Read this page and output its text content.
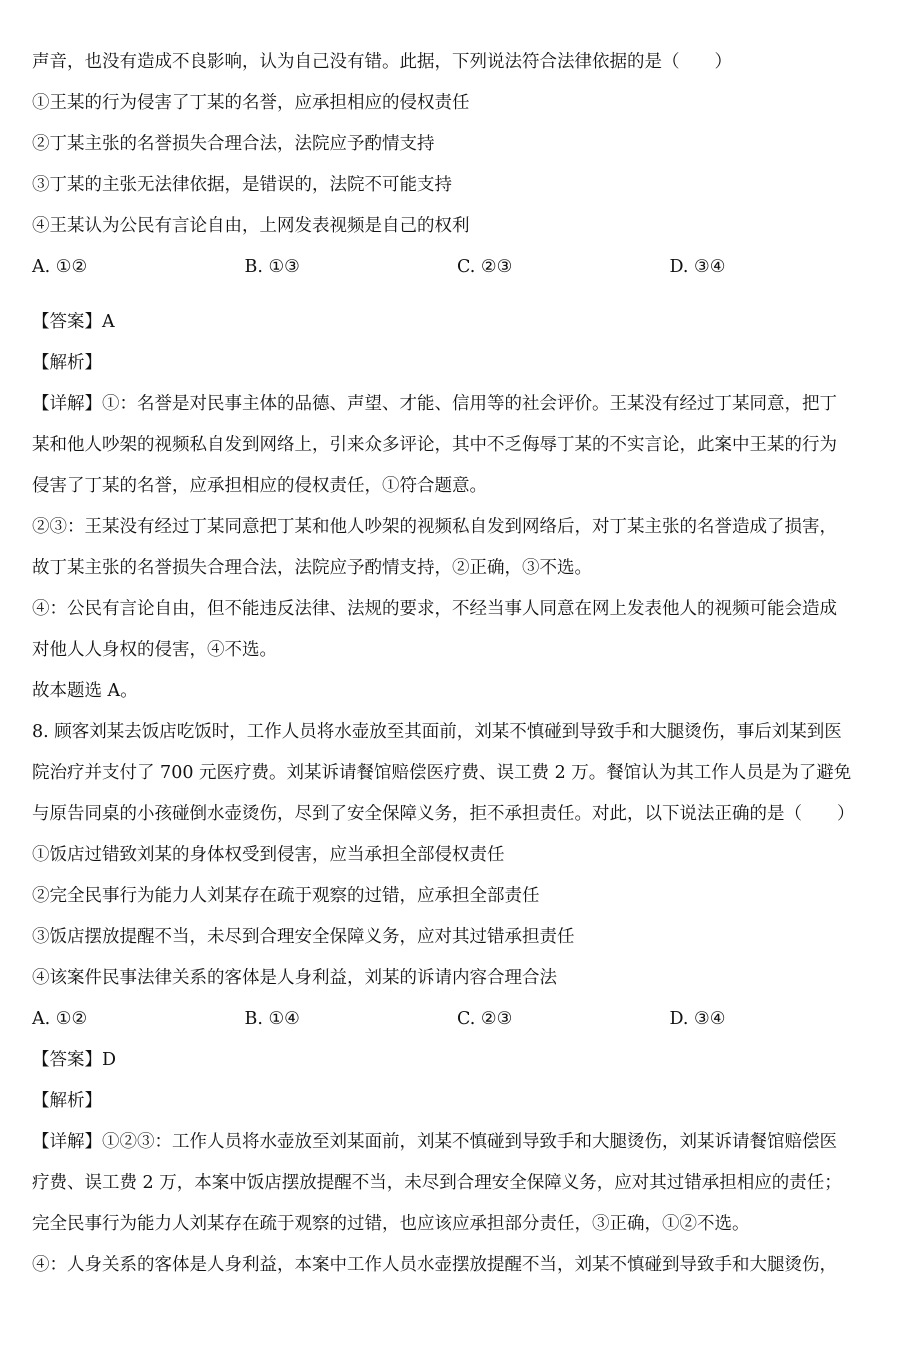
声音，也没有造成不良影响，认为自己没有错。此据，下列说法符合法律依据的是（　　）
①王某的行为侵害了丁某的名誉，应承担相应的侵权责任
②丁某主张的名誉损失合理合法，法院应予酌情支持
③丁某的主张无法律依据，是错误的，法院不可能支持
④王某认为公民有言论自由，上网发表视频是自己的权利
A. ①②	B. ①③	C. ②③	D. ③④
【答案】A
【解析】
【详解】①：名誉是对民事主体的品德、声望、才能、信用等的社会评价。王某没有经过丁某同意，把丁
某和他人吵架的视频私自发到网络上，引来众多评论，其中不乏侮辱丁某的不实言论，此案中王某的行为
侵害了丁某的名誉，应承担相应的侵权责任，①符合题意。
②③：王某没有经过丁某同意把丁某和他人吵架的视频私自发到网络后，对丁某主张的名誉造成了损害，
故丁某主张的名誉损失合理合法，法院应予酌情支持，②正确，③不选。
④：公民有言论自由，但不能违反法律、法规的要求，不经当事人同意在网上发表他人的视频可能会造成
对他人人身权的侵害，④不选。
故本题选 A。
8. 顾客刘某去饭店吃饭时，工作人员将水壶放至其面前，刘某不慎碰到导致手和大腿烫伤，事后刘某到医
院治疗并支付了 700 元医疗费。刘某诉请餐馆赔偿医疗费、误工费 2 万。餐馆认为其工作人员是为了避免
与原告同桌的小孩碰倒水壶烫伤，尽到了安全保障义务，拒不承担责任。对此，以下说法正确的是（　　）
①饭店过错致刘某的身体权受到侵害，应当承担全部侵权责任
②完全民事行为能力人刘某存在疏于观察的过错，应承担全部责任
③饭店摆放提醒不当，未尽到合理安全保障义务，应对其过错承担责任
④该案件民事法律关系的客体是人身利益，刘某的诉请内容合理合法
A. ①②	B. ①④	C. ②③	D. ③④
【答案】D
【解析】
【详解】①②③：工作人员将水壶放至刘某面前，刘某不慎碰到导致手和大腿烫伤，刘某诉请餐馆赔偿医
疗费、误工费 2 万，本案中饭店摆放提醒不当，未尽到合理安全保障义务，应对其过错承担相应的责任；
完全民事行为能力人刘某存在疏于观察的过错，也应该应承担部分责任，③正确，①②不选。
④：人身关系的客体是人身利益，本案中工作人员水壶摆放提醒不当，刘某不慎碰到导致手和大腿烫伤，
